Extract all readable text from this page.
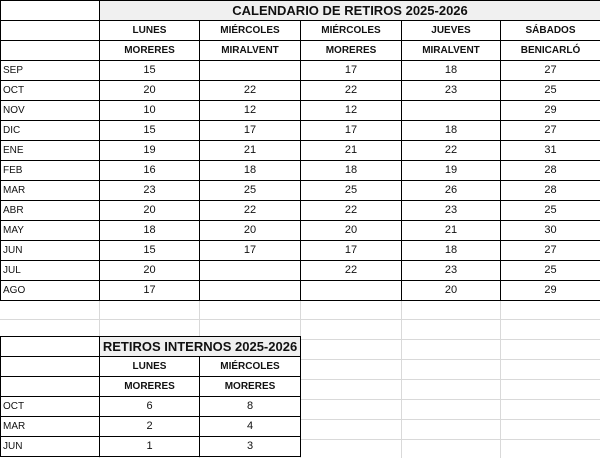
	CALENDARIO DE RETIROS 2025-2026				
	LUNES	MIÉRCOLES	MIÉRCOLES	JUEVES	SÁBADOS
	MORERES	MIRALVENT	MORERES	MIRALVENT	BENICARLÓ
SEP	15		17	18	27
OCT	20	22	22	23	25
NOV	10	12	12		29
DIC	15	17	17	18	27
ENE	19	21	21	22	31
FEB	16	18	18	19	28
MAR	23	25	25	26	28
ABR	20	22	22	23	25
MAY	18	20	20	21	30
JUN	15	17	17	18	27
JUL	20		22	23	25
AGO	17			20	29
	RETIROS INTERNOS 2025-2026	
	LUNES	MIÉRCOLES
	MORERES	MORERES
OCT	6	8
MAR	2	4
JUN	1	3
